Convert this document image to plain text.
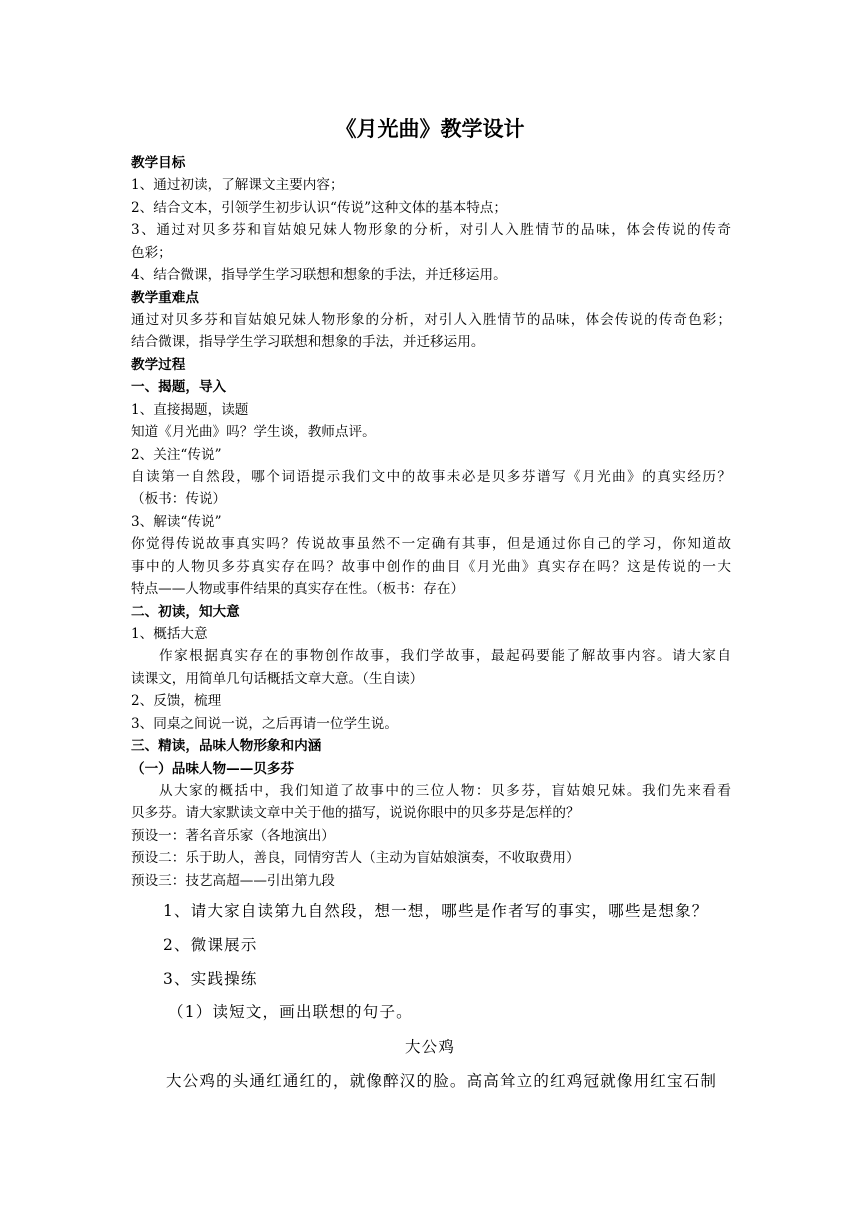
《月光曲》教学设计
教学目标
1、通过初读，了解课文主要内容；
2、结合文本，引领学生初步认识“传说”这种文体的基本特点；
3、通过对贝多芬和盲姑娘兄妹人物形象的分析，对引人入胜情节的品味，体会传说的传奇
色彩；
4、结合微课，指导学生学习联想和想象的手法，并迁移运用。
教学重难点
通过对贝多芬和盲姑娘兄妹人物形象的分析，对引人入胜情节的品味，体会传说的传奇色彩；
结合微课，指导学生学习联想和想象的手法，并迁移运用。
教学过程
一、揭题，导入
1、直接揭题，读题
知道《月光曲》吗？学生谈，教师点评。
2、关注“传说”
自读第一自然段，哪个词语提示我们文中的故事未必是贝多芬谱写《月光曲》的真实经历？
（板书：传说）
3、解读“传说”
你觉得传说故事真实吗？传说故事虽然不一定确有其事，但是通过你自己的学习，你知道故
事中的人物贝多芬真实存在吗？故事中创作的曲目《月光曲》真实存在吗？这是传说的一大
特点——人物或事件结果的真实存在性。（板书：存在）
二、初读，知大意
1、概括大意
作家根据真实存在的事物创作故事，我们学故事，最起码要能了解故事内容。请大家自
读课文，用简单几句话概括文章大意。（生自读）
2、反馈，梳理
3、同桌之间说一说，之后再请一位学生说。
三、精读，品味人物形象和内涵
（一）品味人物——贝多芬
从大家的概括中，我们知道了故事中的三位人物：贝多芬，盲姑娘兄妹。我们先来看看
贝多芬。请大家默读文章中关于他的描写，说说你眼中的贝多芬是怎样的？
预设一：著名音乐家（各地演出）
预设二：乐于助人，善良，同情穷苦人（主动为盲姑娘演奏，不收取费用）
预设三：技艺高超——引出第九段
1、请大家自读第九自然段，想一想，哪些是作者写的事实，哪些是想象？
2、微课展示
3、实践操练
（1）读短文，画出联想的句子。
大公鸡
大公鸡的头通红通红的，就像醉汉的脸。高高耸立的红鸡冠就像用红宝石制
